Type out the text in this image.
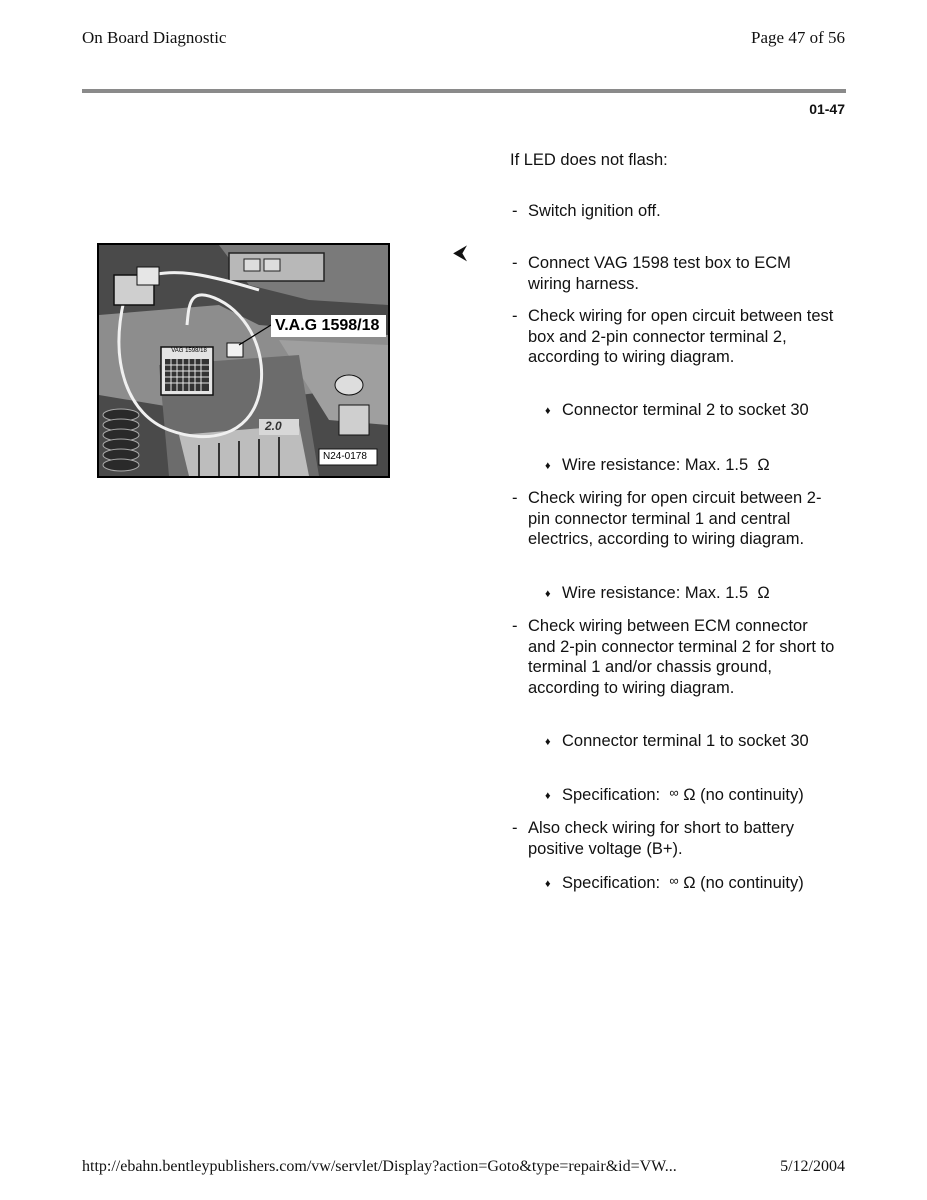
On Board Diagnostic	Page 47 of 56
01-47
V.A.G 1598/18
VAG 1598/18
2.0
N24-0178
⮜
If LED does not flash:
- Switch ignition off.
- Connect VAG 1598 test box to ECM wiring harness.
- Check wiring for open circuit between test box and 2-pin connector terminal 2, according to wiring diagram.
♦ Connector terminal 2 to socket 30
♦ Wire resistance: Max. 1.5 Ω
- Check wiring for open circuit between 2-pin connector terminal 1 and central electrics, according to wiring diagram.
♦ Wire resistance: Max. 1.5 Ω
- Check wiring between ECM connector and 2-pin connector terminal 2 for short to terminal 1 and/or chassis ground, according to wiring diagram.
♦ Connector terminal 1 to socket 30
♦ Specification: ∞ Ω (no continuity)
- Also check wiring for short to battery positive voltage (B+).
♦ Specification: ∞ Ω (no continuity)
http://ebahn.bentleypublishers.com/vw/servlet/Display?action=Goto&type=repair&id=VW...	5/12/2004
